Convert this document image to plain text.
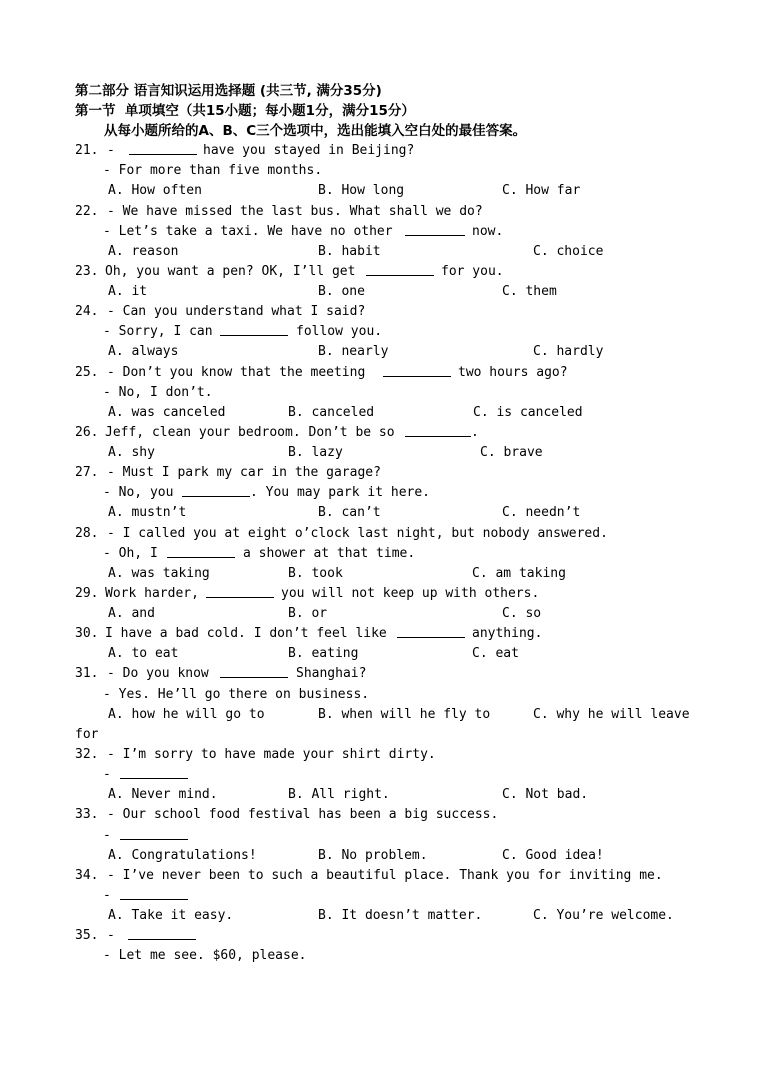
第二部分 语言知识运用选择题 (共三节, 满分35分)
第一节  单项填空（共15小题；每小题1分，满分15分）
从每小题所给的A、B、C三个选项中，选出能填入空白处的最佳答案。
21. -	have you stayed in Beijing?
- For more than five months.
A. How often	B. How long	C. How far
22. - We have missed the last bus. What shall we do?
- Let’s take a taxi. We have no other	now.
A. reason	B. habit	C. choice
23. Oh, you want a pen? OK, I’ll get	for you.
A. it	B. one	C. them
24. - Can you understand what I said?
- Sorry, I can	follow you.
A. always	B. nearly	C. hardly
25. - Don’t you know that the meeting	two hours ago?
- No, I don’t.
A. was canceled	B. canceled	C. is canceled
26. Jeff, clean your bedroom. Don’t be so	.
A. shy	B. lazy	C. brave
27. - Must I park my car in the garage?
- No, you	. You may park it here.
A. mustn’t	B. can’t	C. needn’t
28. - I called you at eight o’clock last night, but nobody answered.
- Oh, I	a shower at that time.
A. was taking	B. took	C. am taking
29. Work harder,	you will not keep up with others.
A. and	B. or	C. so
30. I have a bad cold. I don’t feel like	anything.
A. to eat	B. eating	C. eat
31. - Do you know	Shanghai?
- Yes. He’ll go there on business.
A. how he will go to	B. when will he fly to	C. why he will leave
for
32. - I’m sorry to have made your shirt dirty.
-
A. Never mind.	B. All right.	C. Not bad.
33. - Our school food festival has been a big success.
-
A. Congratulations!	B. No problem.	C. Good idea!
34. - I’ve never been to such a beautiful place. Thank you for inviting me.
-
A. Take it easy.	B. It doesn’t matter.	C. You’re welcome.
35. -
- Let me see. $60, please.
